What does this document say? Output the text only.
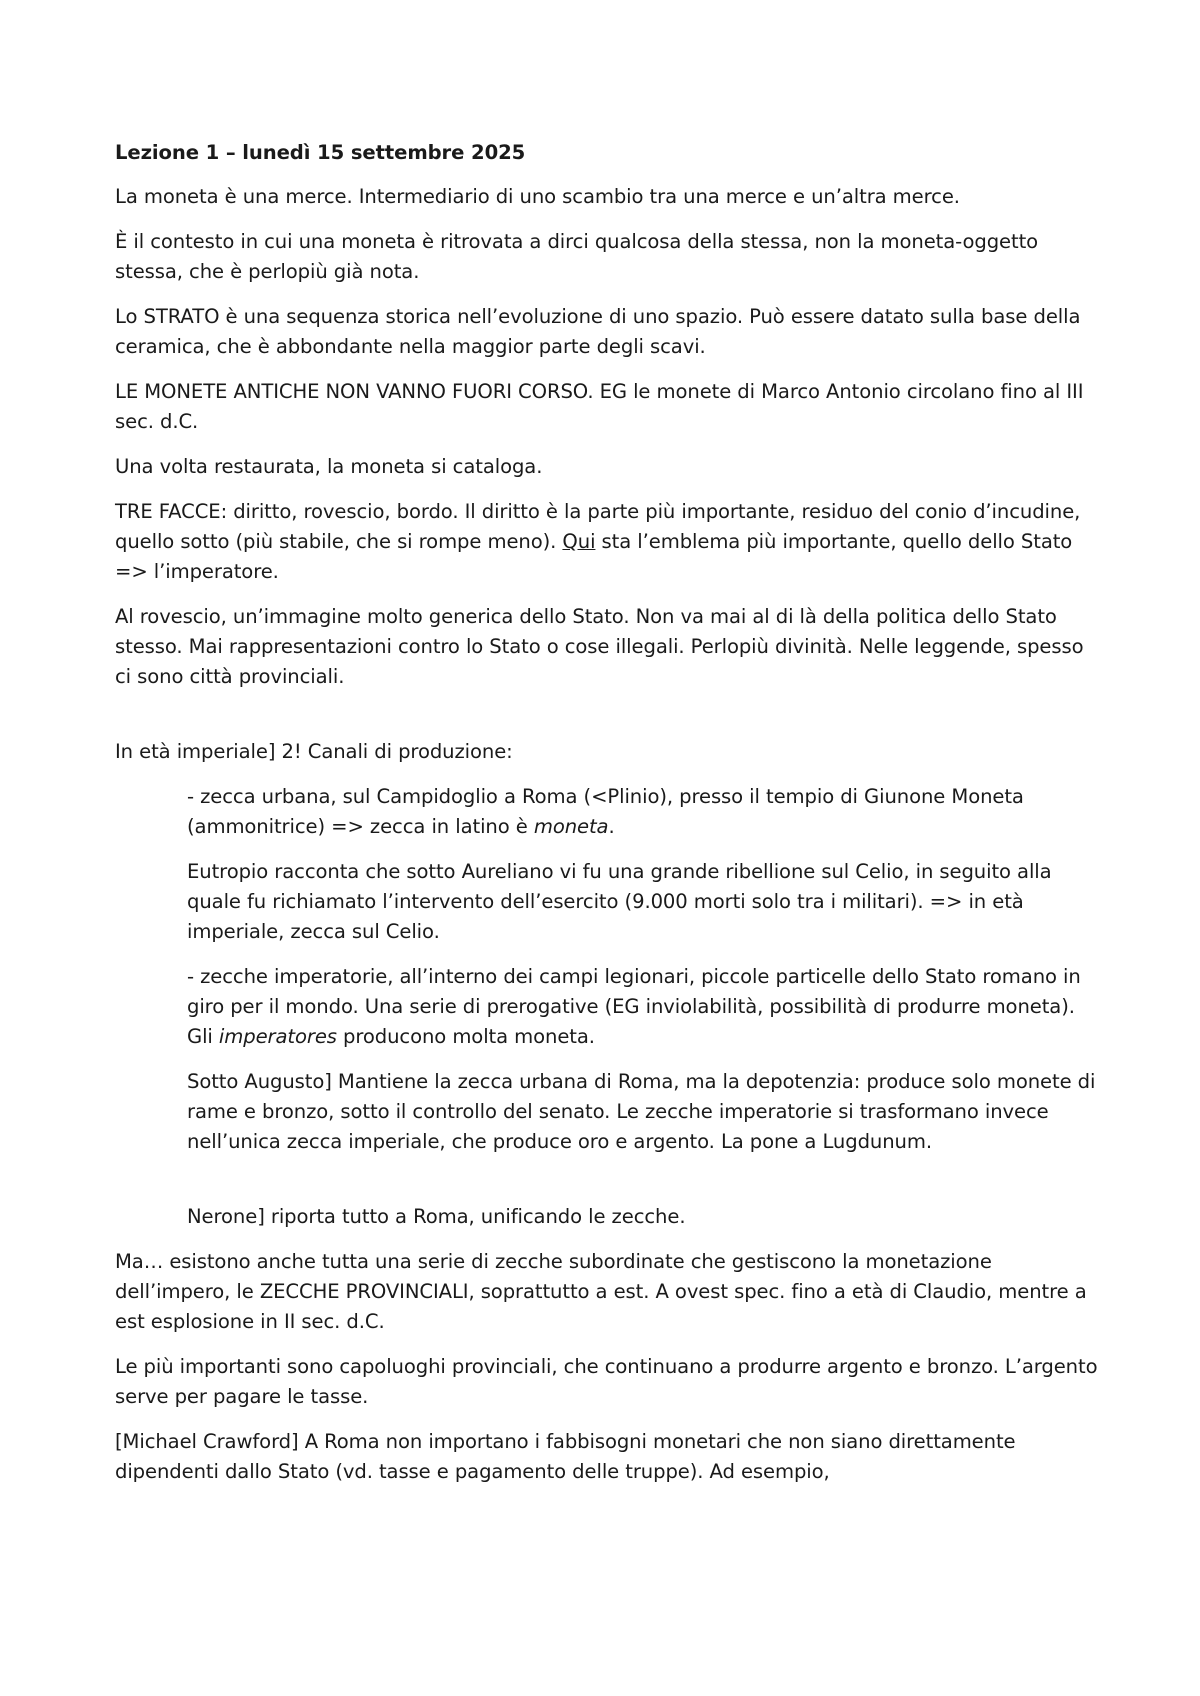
Lezione 1 – lunedì 15 settembre 2025

La moneta è una merce. Intermediario di uno scambio tra una merce e un’altra merce.

È il contesto in cui una moneta è ritrovata a dirci qualcosa della stessa, non la moneta-oggetto stessa, che è perlopiù già nota.

Lo STRATO è una sequenza storica nell’evoluzione di uno spazio. Può essere datato sulla base della ceramica, che è abbondante nella maggior parte degli scavi.

LE MONETE ANTICHE NON VANNO FUORI CORSO. EG le monete di Marco Antonio circolano fino al III sec. d.C.

Una volta restaurata, la moneta si cataloga.

TRE FACCE: diritto, rovescio, bordo. Il diritto è la parte più importante, residuo del conio d’incudine, quello sotto (più stabile, che si rompe meno). Qui sta l’emblema più importante, quello dello Stato => l’imperatore.

Al rovescio, un’immagine molto generica dello Stato. Non va mai al di là della politica dello Stato stesso. Mai rappresentazioni contro lo Stato o cose illegali. Perlopiù divinità. Nelle leggende, spesso ci sono città provinciali.

In età imperiale] 2! Canali di produzione:

- zecca urbana, sul Campidoglio a Roma (<Plinio), presso il tempio di Giunone Moneta (ammonitrice) => zecca in latino è moneta.

Eutropio racconta che sotto Aureliano vi fu una grande ribellione sul Celio, in seguito alla quale fu richiamato l’intervento dell’esercito (9.000 morti solo tra i militari). => in età imperiale, zecca sul Celio.

- zecche imperatorie, all’interno dei campi legionari, piccole particelle dello Stato romano in giro per il mondo. Una serie di prerogative (EG inviolabilità, possibilità di produrre moneta). Gli imperatores producono molta moneta.

Sotto Augusto] Mantiene la zecca urbana di Roma, ma la depotenzia: produce solo monete di rame e bronzo, sotto il controllo del senato. Le zecche imperatorie si trasformano invece nell’unica zecca imperiale, che produce oro e argento. La pone a Lugdunum.

Nerone] riporta tutto a Roma, unificando le zecche.

Ma… esistono anche tutta una serie di zecche subordinate che gestiscono la monetazione dell’impero, le ZECCHE PROVINCIALI, soprattutto a est. A ovest spec. fino a età di Claudio, mentre a est esplosione in II sec. d.C.

Le più importanti sono capoluoghi provinciali, che continuano a produrre argento e bronzo. L’argento serve per pagare le tasse.

[Michael Crawford] A Roma non importano i fabbisogni monetari che non siano direttamente dipendenti dallo Stato (vd. tasse e pagamento delle truppe). Ad esempio,
